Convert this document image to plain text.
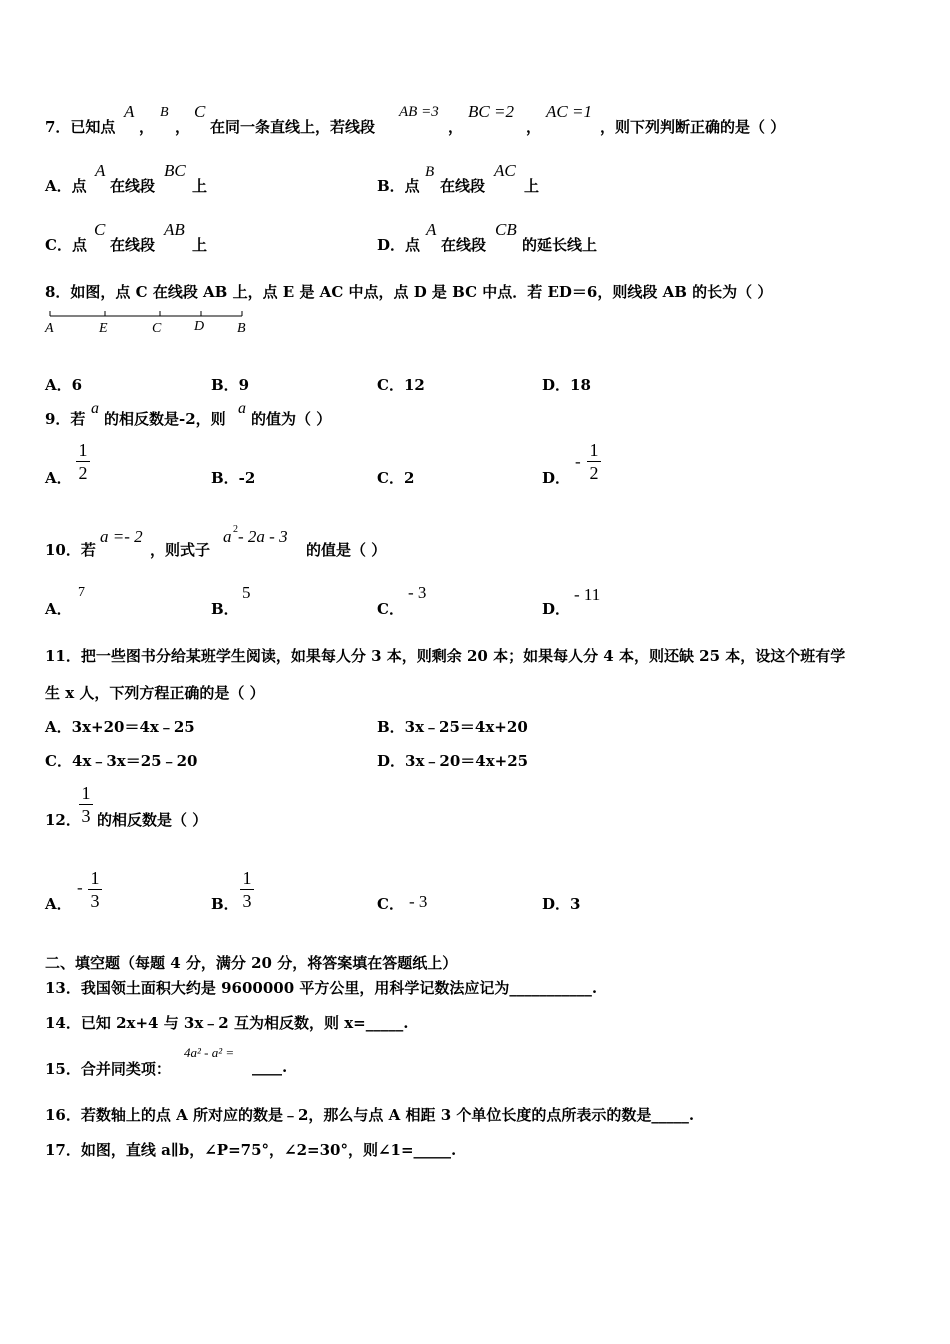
7．已知点
A
，
B
，
C
在同一条直线上，若线段
AB =3
，
BC =2
，
AC =1
，则下列判断正确的是（ ）
A．点
A
在线段
BC
上	B．点
B
在线段
AC
上
C．点
C
在线段
AB
上	D．点
A
在线段
CB
的延长线上
8．如图，点 C 在线段 AB 上，点 E 是 AC 中点，点 D 是 BC 中点．若 ED＝6，则线段 AB 的长为（ ）
A	E	C D B
A．6	B．9	C．12	D．18
9．若
a
的相反数是-2，则
a
的值为（ ）
A．
1
2	B．-2	C．2	D．
-
1
2
10．若
a =- 2
，则式子
a 2 - 2a - 3
的值是（ ）
A．
7
B．
5
C．
- 3
D．
- 11
11．把一些图书分给某班学生阅读，如果每人分 3 本，则剩余 20 本；如果每人分 4 本，则还缺 25 本，设这个班有学
生 x 人，下列方程正确的是（ ）
A．3x+20＝4x﹣25	B．3x﹣25＝4x+20
C．4x﹣3x＝25﹣20	D．3x﹣20＝4x+25
12．
1
3 的相反数是（ ）
A．
- 1
3	B．
1
3	C． - 3	D．3
二、填空题（每题 4 分，满分 20 分，将答案填在答题纸上）
13．我国领土面积大约是 9600000 平方公里，用科学记数法应记为___________.
14．已知 2x+4 与 3x﹣2 互为相反数，则 x=_____.
15．合并同类项：
4a² - a² =
____.
16．若数轴上的点 A 所对应的数是﹣2，那么与点 A 相距 3 个单位长度的点所表示的数是_____.
17．如图，直线 a∥b，∠P=75°，∠2=30°，则∠1=_____.
